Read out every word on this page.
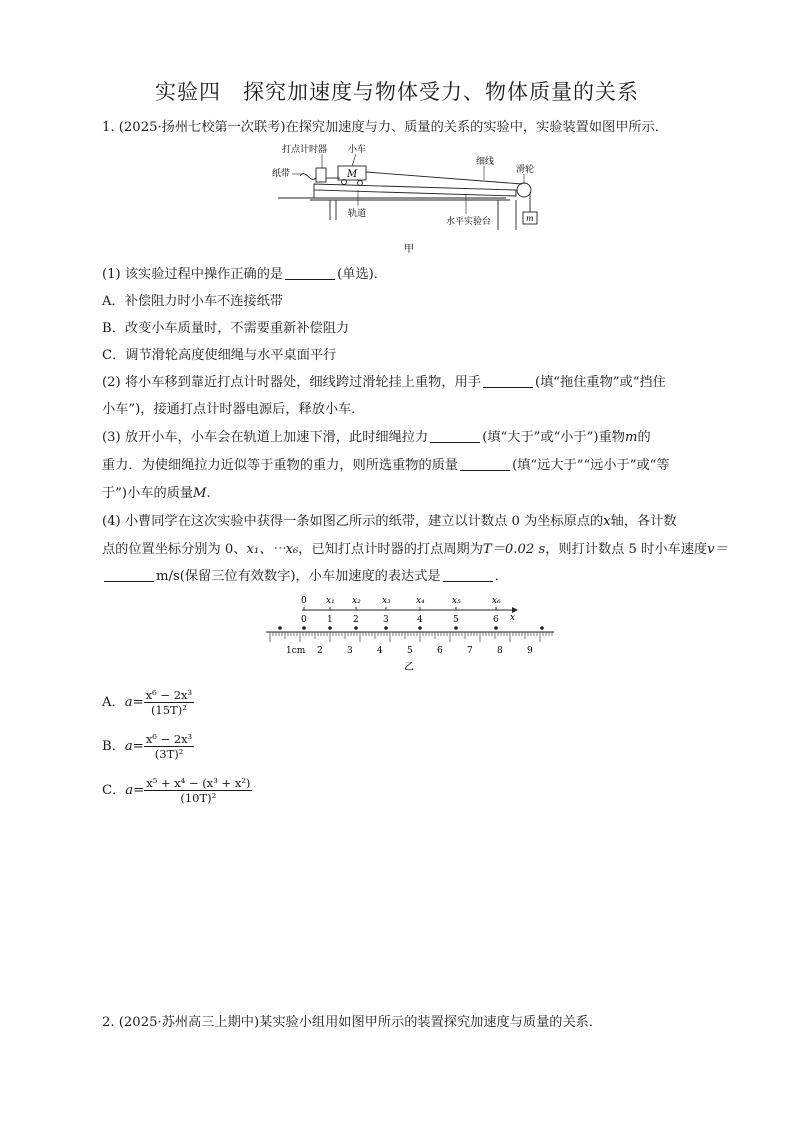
实验四　探究加速度与物体受力、物体质量的关系
1. (2025·扬州七校第一次联考)在探究加速度与力、质量的关系的实验中，实验装置如图甲所示．
M
m
打点计时器 小车
纸带
细线
滑轮
轨道
水平实验台
甲
(1) 该实验过程中操作正确的是	(单选)．
A．补偿阻力时小车不连接纸带
B．改变小车质量时，不需要重新补偿阻力
C．调节滑轮高度使细绳与水平桌面平行
(2) 将小车移到靠近打点计时器处，细线跨过滑轮挂上重物，用手	(填“拖住重物”或“挡住
小车”)，接通打点计时器电源后，释放小车．
(3) 放开小车，小车会在轨道上加速下滑，此时细绳拉力	(填“大于”或“小于”)重物m的
重力．为使细绳拉力近似等于重物的重力，则所选重物的质量	(填“远大于”“远小于”或“等
于”)小车的质量M.
(4) 小曹同学在这次实验中获得一条如图乙所示的纸带，建立以计数点 0 为坐标原点的x轴，各计数
点的位置坐标分别为 0、x₁、⋯x₆，已知打点计时器的打点周期为T＝0.02 s，则打计数点 5 时小车速度v＝
m/s(保留三位有效数字)，小车加速度的表达式是	．
x
0 x₁ x₂ x₃	x₄	x₅	x₆
0 1 2	3	4	5	6
1cm 2	3	4	5	6	7	8	9
乙
A．$a= \frac{\text{x⁶ − 2x³}}{\text{(15T)²}}$
B．$a= \frac{\text{x⁶ − 2x³}}{\text{(3T)²}}$
C．$a= \frac{\text{x⁵ + x⁴ − (x³ + x²)}}{\text{(10T)²}}$
2. (2025·苏州高三上期中)某实验小组用如图甲所示的装置探究加速度与质量的关系．
